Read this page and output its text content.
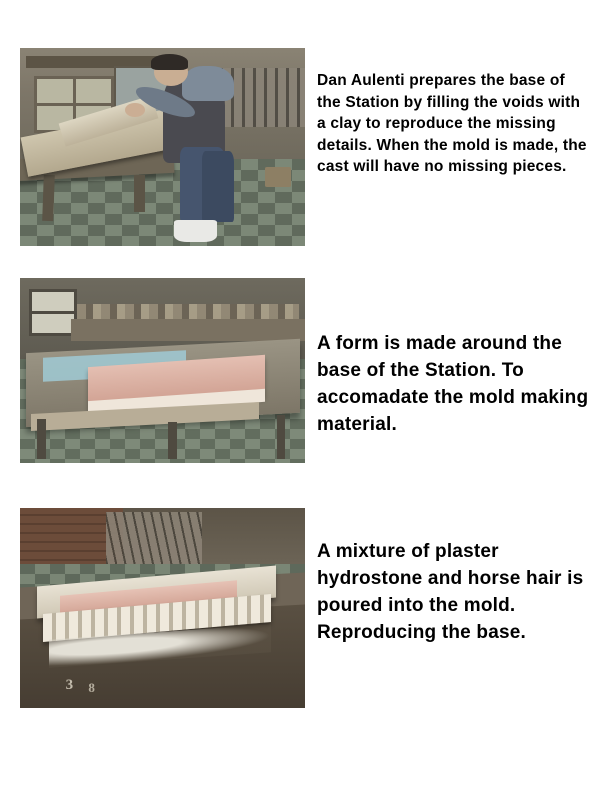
Dan Aulenti prepares the base of the Station by filling the voids with a clay to reproduce the missing details. When the mold is made, the cast will have no missing pieces.
A form is made around the base of the Station. To accomadate the mold making material.
3 8
A mixture of plaster hydrostone and horse hair is poured into the mold. Reproducing the base.
